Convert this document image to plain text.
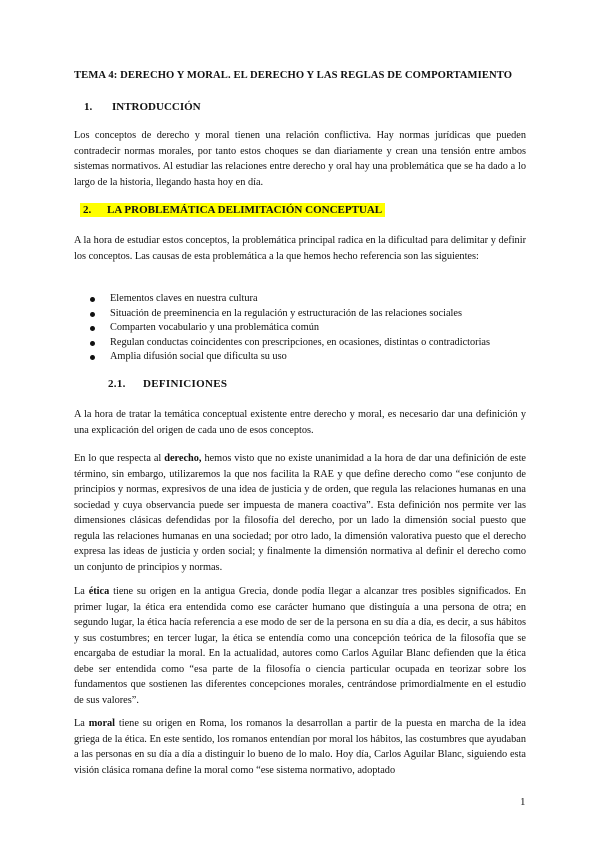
TEMA 4: DERECHO Y MORAL. EL DERECHO Y LAS REGLAS DE COMPORTAMIENTO
1. INTRODUCCIÓN

Los conceptos de derecho y moral tienen una relación conflictiva. Hay normas jurídicas que pueden contradecir normas morales, por tanto estos choques se dan diariamente y crean una tensión entre ambos sistemas normativos. Al estudiar las relaciones entre derecho y oral hay una problemática que se ha dado a lo largo de la historia, llegando hasta hoy en día.

2. LA PROBLEMÁTICA DELIMITACIÓN CONCEPTUAL

A la hora de estudiar estos conceptos, la problemática principal radica en la dificultad para delimitar y definir los conceptos. Las causas de esta problemática a la que hemos hecho referencia son las siguientes:

Elementos claves en nuestra cultura
Situación de preeminencia en la regulación y estructuración de las relaciones sociales
Comparten vocabulario y una problemática común
Regulan conductas coincidentes con prescripciones, en ocasiones, distintas o contradictorias
Amplia difusión social que dificulta su uso
2.1. DEFINICIONES

A la hora de tratar la temática conceptual existente entre derecho y moral, es necesario dar una definición y una explicación del origen de cada uno de esos conceptos.

En lo que respecta al derecho, hemos visto que no existe unanimidad a la hora de dar una definición de este término, sin embargo, utilizaremos la que nos facilita la RAE y que define derecho como “ese conjunto de principios y normas, expresivos de una idea de justicia y de orden, que regula las relaciones humanas en una sociedad y cuya observancia puede ser impuesta de manera coactiva”. Esta definición nos permite ver las dimensiones clásicas defendidas por la filosofía del derecho, por un lado la dimensión social puesto que regula las relaciones humanas en una sociedad; por otro lado, la dimensión valorativa puesto que el derecho expresa las ideas de justicia y orden social; y finalmente la dimensión normativa al definir el derecho como un conjunto de principios y normas.

La ética tiene su origen en la antigua Grecia, donde podía llegar a alcanzar tres posibles significados. En primer lugar, la ética era entendida como ese carácter humano que distinguía a una persona de otra; en segundo lugar, la ética hacía referencia a ese modo de ser de la persona en su día a día, es decir, a sus hábitos y sus costumbres; en tercer lugar, la ética se entendía como una concepción teórica de la filosofía que se encargaba de estudiar la moral. En la actualidad, autores como Carlos Aguilar Blanc defienden que la ética debe ser entendida como “esa parte de la filosofía o ciencia particular ocupada en teorizar sobre los fundamentos que sostienen las diferentes concepciones morales, centrándose primordialmente en el estudio de sus valores”.

La moral tiene su origen en Roma, los romanos la desarrollan a partir de la puesta en marcha de la idea griega de la ética. En este sentido, los romanos entendían por moral los hábitos, las costumbres que ayudaban a las personas en su día a día a distinguir lo bueno de lo malo. Hoy día, Carlos Aguilar Blanc, siguiendo esta visión clásica romana define la moral como “ese sistema normativo, adoptado

1
